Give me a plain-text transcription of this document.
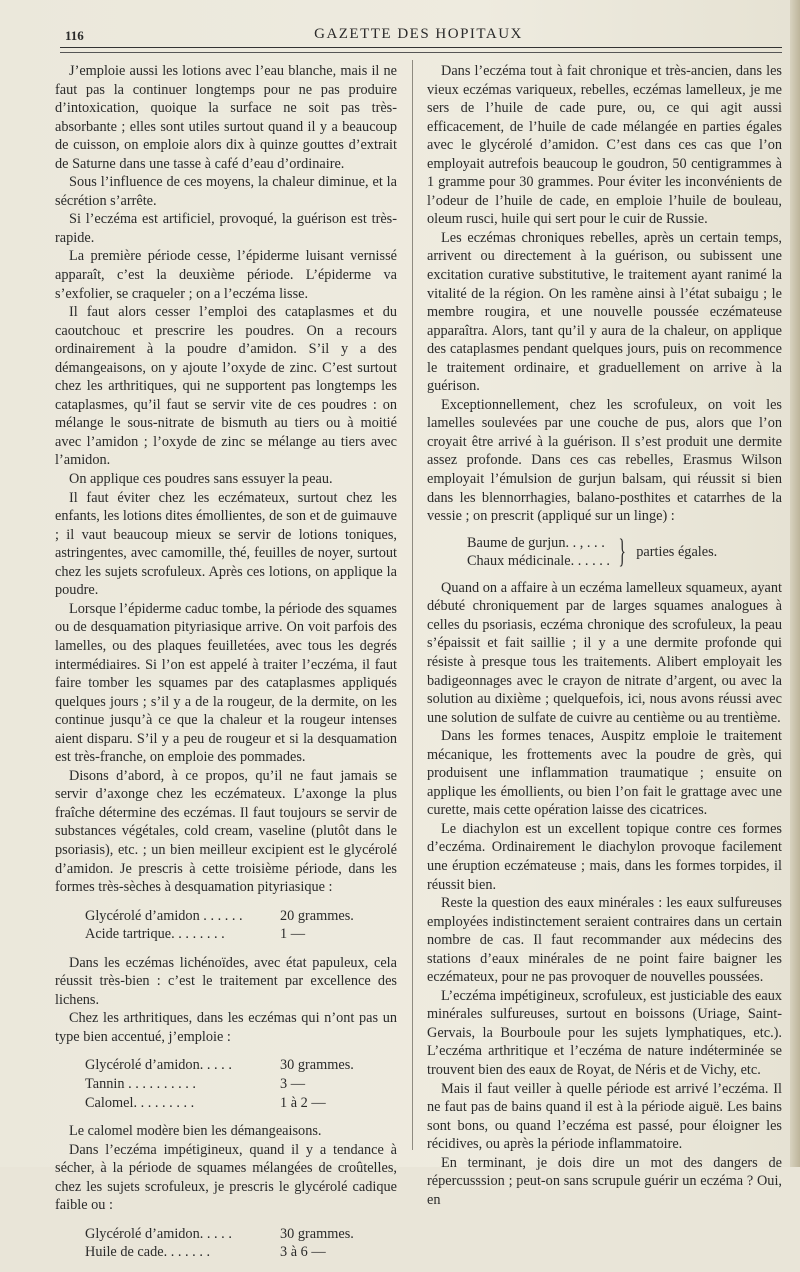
116	GAZETTE DES HOPITAUX

J’emploie aussi les lotions avec l’eau blanche, mais il ne faut pas la continuer longtemps pour ne pas produire d’intoxication, quoique la surface ne soit pas très-absorbante ; elles sont utiles surtout quand il y a beaucoup de cuisson, on emploie alors dix à quinze gouttes d’extrait de Saturne dans une tasse à café d’eau d’ordinaire.

Sous l’influence de ces moyens, la chaleur diminue, et la sécrétion s’arrête.

Si l’eczéma est artificiel, provoqué, la guérison est très-rapide.

La première période cesse, l’épiderme luisant vernissé apparaît, c’est la deuxième période. L’épiderme va s’exfolier, se craqueler ; on a l’eczéma lisse.

Il faut alors cesser l’emploi des cataplasmes et du caoutchouc et prescrire les poudres. On a recours ordinairement à la poudre d’amidon. S’il y a des démangeaisons, on y ajoute l’oxyde de zinc. C’est surtout chez les arthritiques, qui ne supportent pas longtemps les cataplasmes, qu’il faut se servir vite de ces poudres : on mélange le sous-nitrate de bismuth au tiers ou à moitié avec l’amidon ; l’oxyde de zinc se mélange au tiers avec l’amidon.

On applique ces poudres sans essuyer la peau.

Il faut éviter chez les eczémateux, surtout chez les enfants, les lotions dites émollientes, de son et de guimauve ; il vaut beaucoup mieux se servir de lotions toniques, astringentes, avec camomille, thé, feuilles de noyer, surtout chez les sujets scrofuleux. Après ces lotions, on applique la poudre.

Lorsque l’épiderme caduc tombe, la période des squames ou de desquamation pityriasique arrive. On voit parfois des lamelles, ou des plaques feuilletées, avec tous les degrés intermédiaires. Si l’on est appelé à traiter l’eczéma, il faut faire tomber les squames par des cataplasmes appliqués quelques jours ; s’il y a de la rougeur, de la dermite, on les continue jusqu’à ce que la chaleur et la rougeur intenses aient disparu. S’il y a peu de rougeur et si la desquamation est très-franche, on emploie des pommades.

Disons d’abord, à ce propos, qu’il ne faut jamais se servir d’axonge chez les eczémateux. L’axonge la plus fraîche détermine des eczémas. Il faut toujours se servir de substances végétales, cold cream, vaseline (plutôt dans le psoriasis), etc. ; un bien meilleur excipient est le glycérolé d’amidon. Je prescris à cette troisième période, dans les formes très-sèches à desquamation pityriasique :

Glycérolé d’amidon . . . . . .	20 grammes.
Acide tartrique. . . . . . . .	1 —

Dans les eczémas lichénoïdes, avec état papuleux, cela réussit très-bien : c’est le traitement par excellence des lichens.

Chez les arthritiques, dans les eczémas qui n’ont pas un type bien accentué, j’emploie :

Glycérolé d’amidon. . . . .	30 grammes.
Tannin . . . . . . . . . .	3 —
Calomel. . . . . . . . .	1 à 2 —

Le calomel modère bien les démangeaisons.

Dans l’eczéma impétigineux, quand il y a tendance à sécher, à la période de squames mélangées de croûtelles, chez les sujets scrofuleux, je prescris le glycérolé cadique faible ou :

Glycérolé d’amidon. . . . .	30 grammes.
Huile de cade. . . . . . .	3 à 6 —

Dans l’eczéma tout à fait chronique et très-ancien, dans les vieux eczémas variqueux, rebelles, eczémas lamelleux, je me sers de l’huile de cade pure, ou, ce qui agit aussi efficacement, de l’huile de cade mélangée en parties égales avec le glycérolé d’amidon. C’est dans ces cas que l’on employait autrefois beaucoup le goudron, 50 centigrammes à 1 gramme pour 30 grammes. Pour éviter les inconvénients de l’odeur de l’huile de cade, en emploie l’huile de bouleau, oleum rusci, huile qui sert pour le cuir de Russie.

Les eczémas chroniques rebelles, après un certain temps, arrivent ou directement à la guérison, ou subissent une excitation curative substitutive, le traitement ayant ranimé la vitalité de la région. On les ramène ainsi à l’état subaigu ; le membre rougira, et une nouvelle poussée eczémateuse apparaîtra. Alors, tant qu’il y aura de la chaleur, on applique des cataplasmes pendant quelques jours, puis on recommence le traitement ordinaire, et graduellement on arrive à la guérison.

Exceptionnellement, chez les scrofuleux, on voit les lamelles soulevées par une couche de pus, alors que l’on croyait être arrivé à la guérison. Il s’est produit une dermite assez profonde. Dans ces cas rebelles, Erasmus Wilson employait l’émulsion de gurjun balsam, qui réussit si bien dans les blennorrhagies, balano-posthites et catarrhes de la vessie ; on prescrit (appliqué sur un linge) :

Baume de gurjun. . , . . .
Chaux médicinale. . . . . . } parties égales.

Quand on a affaire à un eczéma lamelleux squameux, ayant débuté chroniquement par de larges squames analogues à celles du psoriasis, eczéma chronique des scrofuleux, la peau s’épaissit et fait saillie ; il y a une dermite profonde qui résiste à presque tous les traitements. Alibert employait les badigeonnages avec le crayon de nitrate d’argent, ou avec la solution au dixième ; quelquefois, ici, nous avons réussi avec une solution de sulfate de cuivre au centième ou au trentième.

Dans les formes tenaces, Auspitz emploie le traitement mécanique, les frottements avec la poudre de grès, qui produisent une inflammation traumatique ; ensuite on applique les émollients, ou bien l’on fait le grattage avec une curette, mais cette opération laisse des cicatrices.

Le diachylon est un excellent topique contre ces formes d’eczéma. Ordinairement le diachylon provoque facilement une éruption eczémateuse ; mais, dans les formes torpides, il réussit bien.

Reste la question des eaux minérales : les eaux sulfureuses employées indistinctement seraient contraires dans un certain nombre de cas. Il faut recommander aux médecins des stations d’eaux minérales de ne point faire baigner les eczémateux, pour ne pas provoquer de nouvelles poussées.

L’eczéma impétigineux, scrofuleux, est justiciable des eaux minérales sulfureuses, surtout en boissons (Uriage, Saint-Gervais, la Bourboule pour les sujets lymphatiques, etc.). L’eczéma arthritique et l’eczéma de nature indéterminée se trouvent bien des eaux de Royat, de Néris et de Vichy, etc.

Mais il faut veiller à quelle période est arrivé l’eczéma. Il ne faut pas de bains quand il est à la période aiguë. Les bains sont bons, ou quand l’eczéma est passé, pour éloigner les récidives, ou après la période inflammatoire.

En terminant, je dois dire un mot des dangers de répercusssion ; peut-on sans scrupule guérir un eczéma ? Oui, en
